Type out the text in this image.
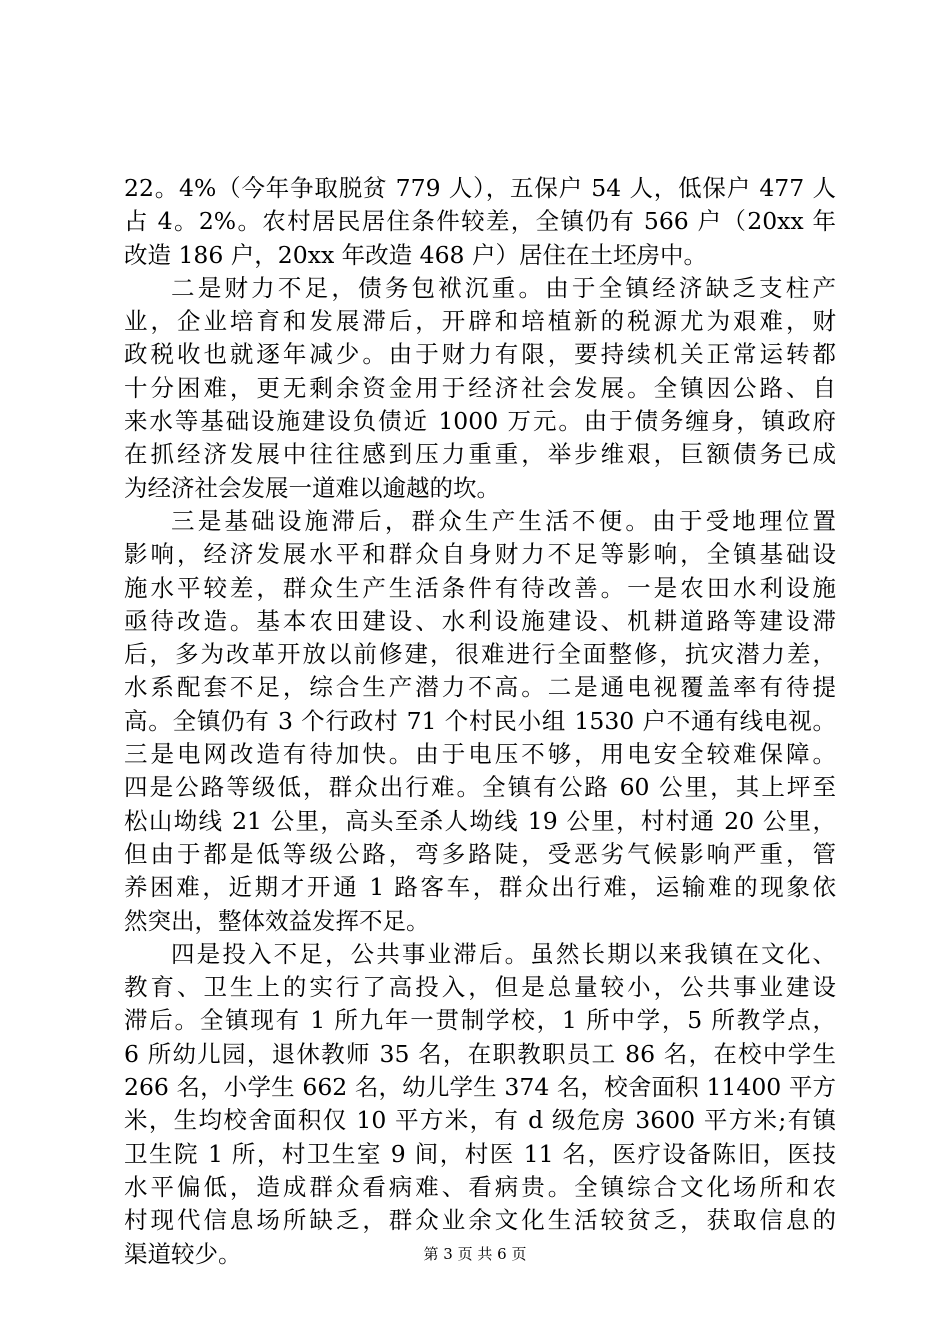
22。4%（今年争取脱贫 779 人），五保户 54 人，低保户 477 人
占 4。2%。农村居民居住条件较差，全镇仍有 566 户（20xx 年
改造 186 户，20xx 年改造 468 户）居住在土坯房中。
二是财力不足，债务包袱沉重。由于全镇经济缺乏支柱产
业，企业培育和发展滞后，开辟和培植新的税源尤为艰难，财
政税收也就逐年减少。由于财力有限，要持续机关正常运转都
十分困难，更无剩余资金用于经济社会发展。全镇因公路、自
来水等基础设施建设负债近 1000 万元。由于债务缠身，镇政府
在抓经济发展中往往感到压力重重，举步维艰，巨额债务已成
为经济社会发展一道难以逾越的坎。
三是基础设施滞后，群众生产生活不便。由于受地理位置
影响，经济发展水平和群众自身财力不足等影响，全镇基础设
施水平较差，群众生产生活条件有待改善。一是农田水利设施
亟待改造。基本农田建设、水利设施建设、机耕道路等建设滞
后，多为改革开放以前修建，很难进行全面整修，抗灾潜力差，
水系配套不足，综合生产潜力不高。二是通电视覆盖率有待提
高。全镇仍有 3 个行政村 71 个村民小组 1530 户不通有线电视。
三是电网改造有待加快。由于电压不够，用电安全较难保障。
四是公路等级低，群众出行难。全镇有公路 60 公里，其上坪至
松山坳线 21 公里，高头至杀人坳线 19 公里，村村通 20 公里，
但由于都是低等级公路，弯多路陡，受恶劣气候影响严重，管
养困难，近期才开通 1 路客车，群众出行难，运输难的现象依
然突出，整体效益发挥不足。
四是投入不足，公共事业滞后。虽然长期以来我镇在文化、
教育、卫生上的实行了高投入，但是总量较小，公共事业建设
滞后。全镇现有 1 所九年一贯制学校，1 所中学，5 所教学点，
6 所幼儿园，退休教师 35 名，在职教职员工 86 名，在校中学生
266 名，小学生 662 名，幼儿学生 374 名，校舍面积 11400 平方
米，生均校舍面积仅 10 平方米，有 d 级危房 3600 平方米;有镇
卫生院 1 所，村卫生室 9 间，村医 11 名，医疗设备陈旧，医技
水平偏低，造成群众看病难、看病贵。全镇综合文化场所和农
村现代信息场所缺乏，群众业余文化生活较贫乏，获取信息的
渠道较少。	第 3 页 共 6 页
